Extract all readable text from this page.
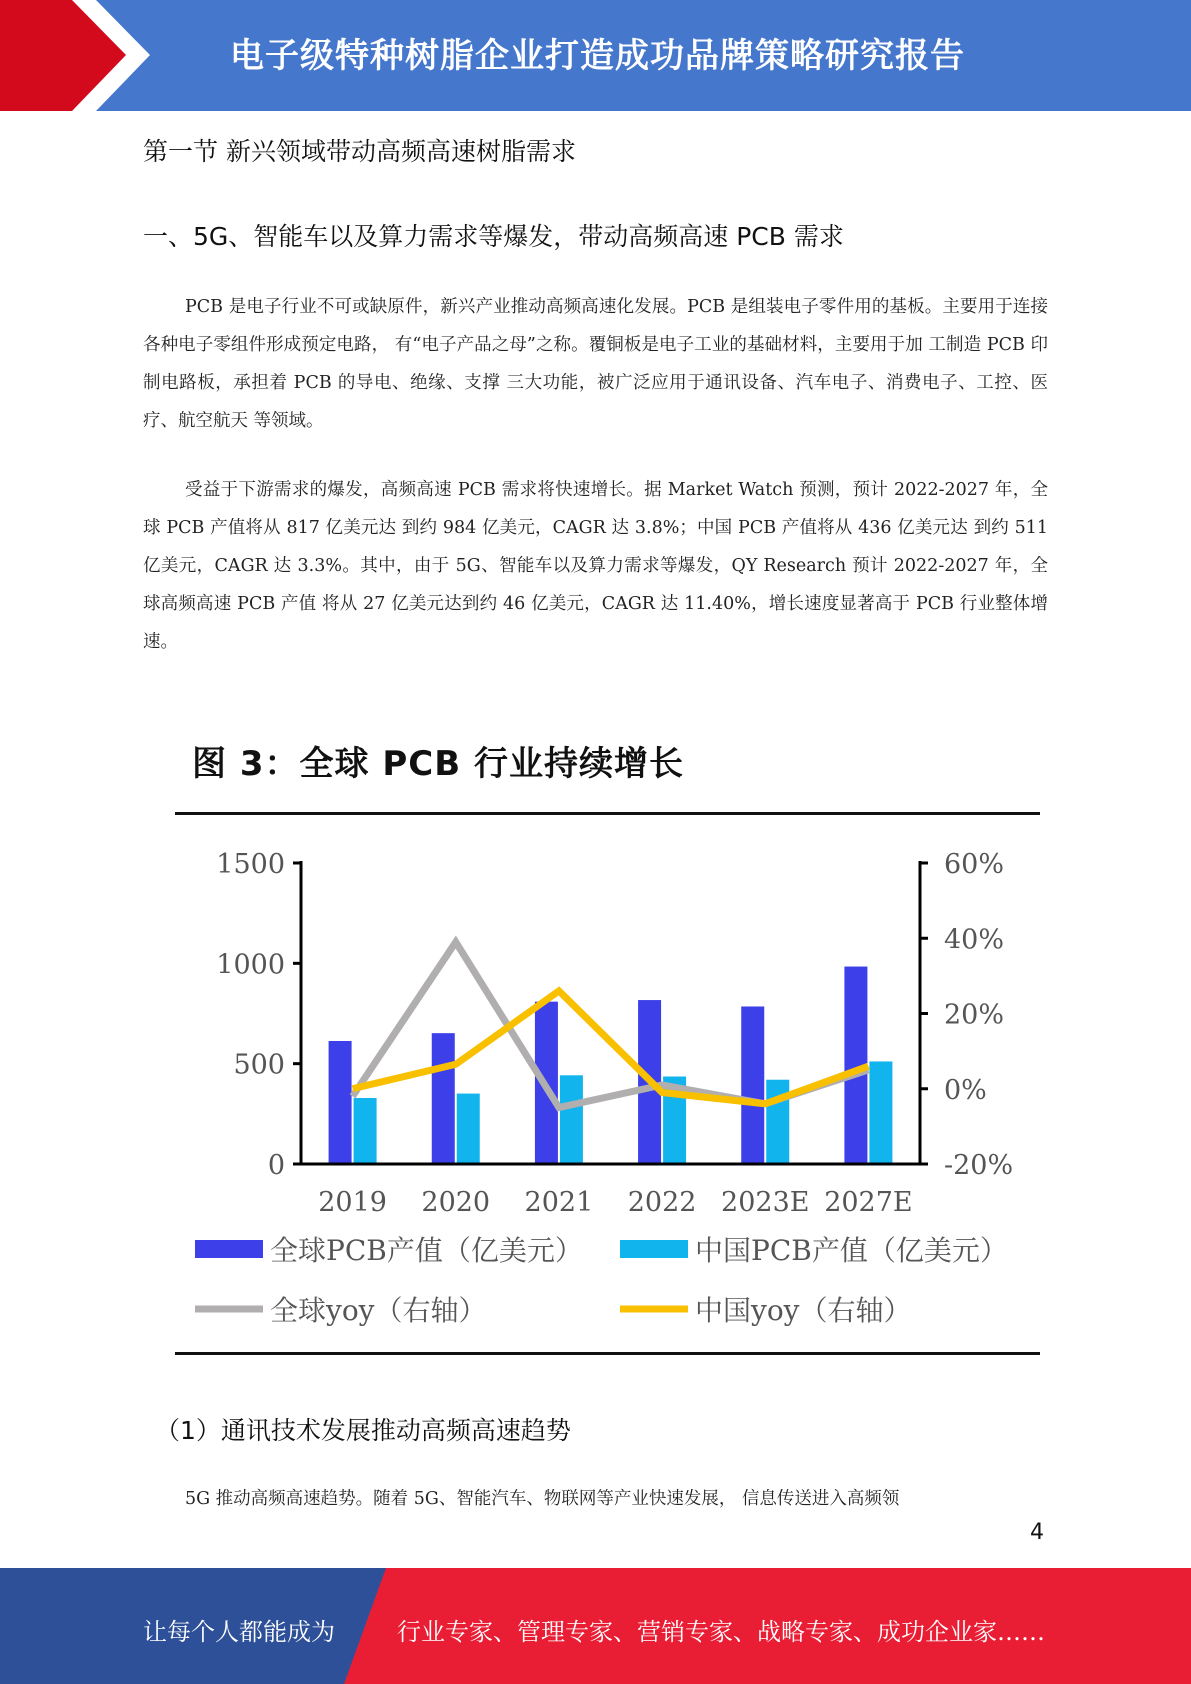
电子级特种树脂企业打造成功品牌策略研究报告
第一节 新兴领域带动高频高速树脂需求
一、5G、智能车以及算力需求等爆发，带动高频高速 PCB 需求

PCB 是电子行业不可或缺原件，新兴产业推动高频高速化发展。PCB 是组装电子零件用的基板。主要用于连接各种电子零组件形成预定电路， 有“电子产品之母”之称。覆铜板是电子工业的基础材料，主要用于加 工制造 PCB 印制电路板，承担着 PCB 的导电、绝缘、支撑 三大功能，被广泛应用于通讯设备、汽车电子、消费电子、工控、医疗、航空航天 等领域。

受益于下游需求的爆发，高频高速 PCB 需求将快速增长。据 Market Watch 预测，预计 2022-2027 年，全球 PCB 产值将从 817 亿美元达 到约 984 亿美元，CAGR 达 3.8%；中国 PCB 产值将从 436 亿美元达 到约 511 亿美元，CAGR 达 3.3%。其中，由于 5G、智能车以及算力需求等爆发，QY Research 预计 2022-2027 年，全球高频高速 PCB 产值 将从 27 亿美元达到约 46 亿美元，CAGR 达 11.40%，增长速度显著高于 PCB 行业整体增速。

图 3：全球 PCB 行业持续增长
0
500
1000
1500
-20%
0%
20%
40%
60%
2019 2020 2021 2022 2023E 2027E
全球PCB产值（亿美元）	中国PCB产值（亿美元）
全球yoy（右轴）	中国yoy（右轴）
（1）通讯技术发展推动高频高速趋势

5G 推动高频高速趋势。随着 5G、智能汽车、物联网等产业快速发展， 信息传送进入高频领

4
让每个人都能成为	行业专家、管理专家、营销专家、战略专家、成功企业家……
